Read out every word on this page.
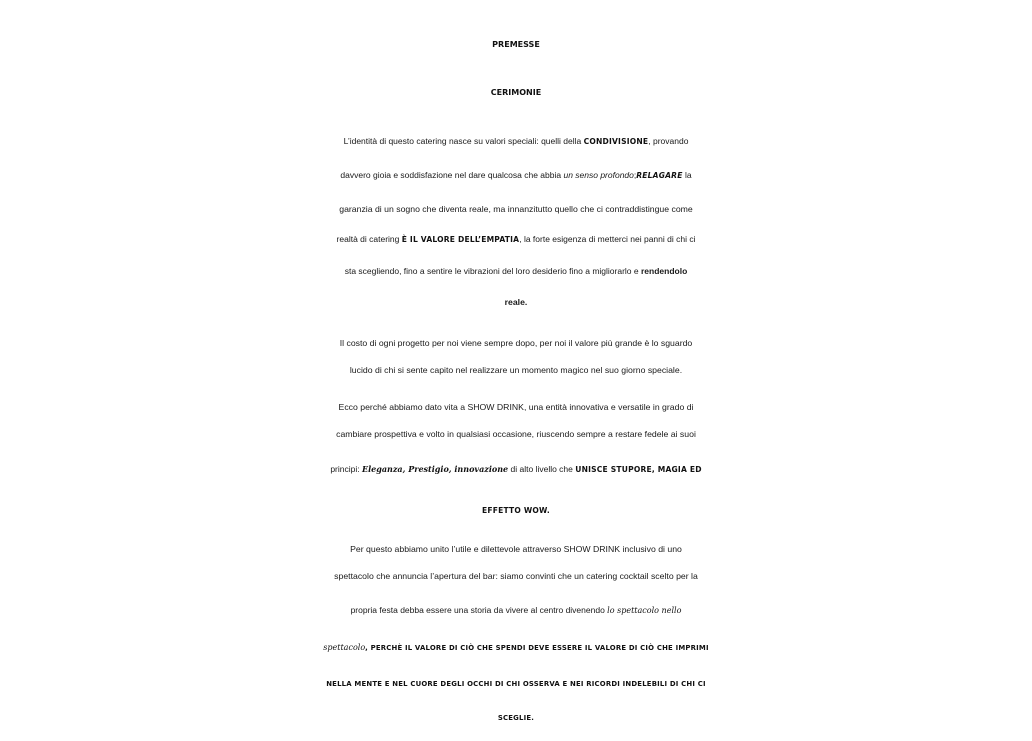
PREMESSE
CERIMONIE
L’identità di questo catering nasce su valori speciali: quelli della CONDIVISIONE, provando
davvero gioia e soddisfazione nel dare qualcosa che abbia un senso profondo;RELAGARE la
garanzia di un sogno che diventa reale, ma innanzitutto quello che ci contraddistingue come
realtà di catering È IL VALORE DELL’EMPATIA, la forte esigenza di metterci nei panni di chi ci
sta scegliendo, fino a sentire le vibrazioni del loro desiderio fino a migliorarlo e rendendolo
reale.
Il costo di ogni progetto per noi viene sempre dopo, per noi il valore più grande è lo sguardo
lucido di chi si sente capito nel realizzare un momento magico nel suo giorno speciale.
Ecco perché abbiamo dato vita a SHOW DRINK, una entità innovativa e versatile in grado di
cambiare prospettiva e volto in qualsiasi occasione, riuscendo sempre a restare fedele ai suoi
principi: Eleganza, Prestigio, innovazione di alto livello che UNISCE STUPORE, MAGIA ED
EFFETTO WOW.
Per questo abbiamo unito l’utile e dilettevole attraverso SHOW DRINK inclusivo di uno
spettacolo che annuncia l’apertura del bar: siamo convinti che un catering cocktail scelto per la
propria festa debba essere una storia da vivere al centro divenendo lo spettacolo nello
spettacolo, PERCHÈ IL VALORE DI CIÒ CHE SPENDI DEVE ESSERE IL VALORE DI CIÒ CHE IMPRIMI
NELLA MENTE E NEL CUORE DEGLI OCCHI DI CHI OSSERVA E NEI RICORDI INDELEBILI DI CHI CI
SCEGLIE.
